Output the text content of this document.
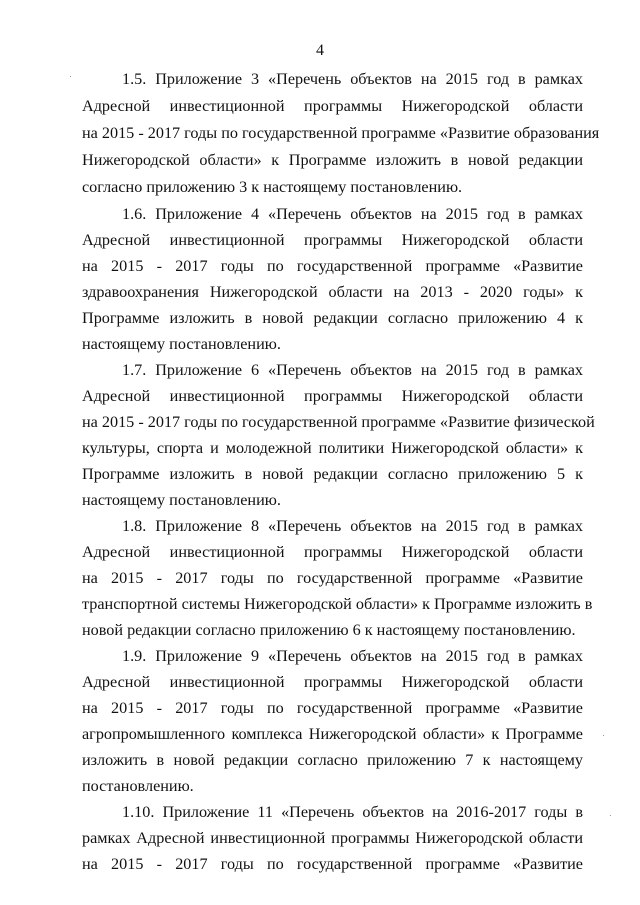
4
1.5. Приложение 3 «Перечень объектов на 2015 год в рамках
Адресной инвестиционной программы Нижегородской области
на 2015 - 2017 годы по государственной программе «Развитие образования
Нижегородской области» к Программе изложить в новой редакции
согласно приложению 3 к настоящему постановлению.
1.6. Приложение 4 «Перечень объектов на 2015 год в рамках
Адресной инвестиционной программы Нижегородской области
на 2015 - 2017 годы по государственной программе «Развитие
здравоохранения Нижегородской области на 2013 - 2020 годы» к
Программе изложить в новой редакции согласно приложению 4 к
настоящему постановлению.
1.7. Приложение 6 «Перечень объектов на 2015 год в рамках
Адресной инвестиционной программы Нижегородской области
на 2015 - 2017 годы по государственной программе «Развитие физической
культуры, спорта и молодежной политики Нижегородской области» к
Программе изложить в новой редакции согласно приложению 5 к
настоящему постановлению.
1.8. Приложение 8 «Перечень объектов на 2015 год в рамках
Адресной инвестиционной программы Нижегородской области
на 2015 - 2017 годы по государственной программе «Развитие
транспортной системы Нижегородской области» к Программе изложить в
новой редакции согласно приложению 6 к настоящему постановлению.
1.9. Приложение 9 «Перечень объектов на 2015 год в рамках
Адресной инвестиционной программы Нижегородской области
на 2015 - 2017 годы по государственной программе «Развитие
агропромышленного комплекса Нижегородской области» к Программе
изложить в новой редакции согласно приложению 7 к настоящему
постановлению.
1.10. Приложение 11 «Перечень объектов на 2016-2017 годы в
рамках Адресной инвестиционной программы Нижегородской области
на 2015 - 2017 годы по государственной программе «Развитие
